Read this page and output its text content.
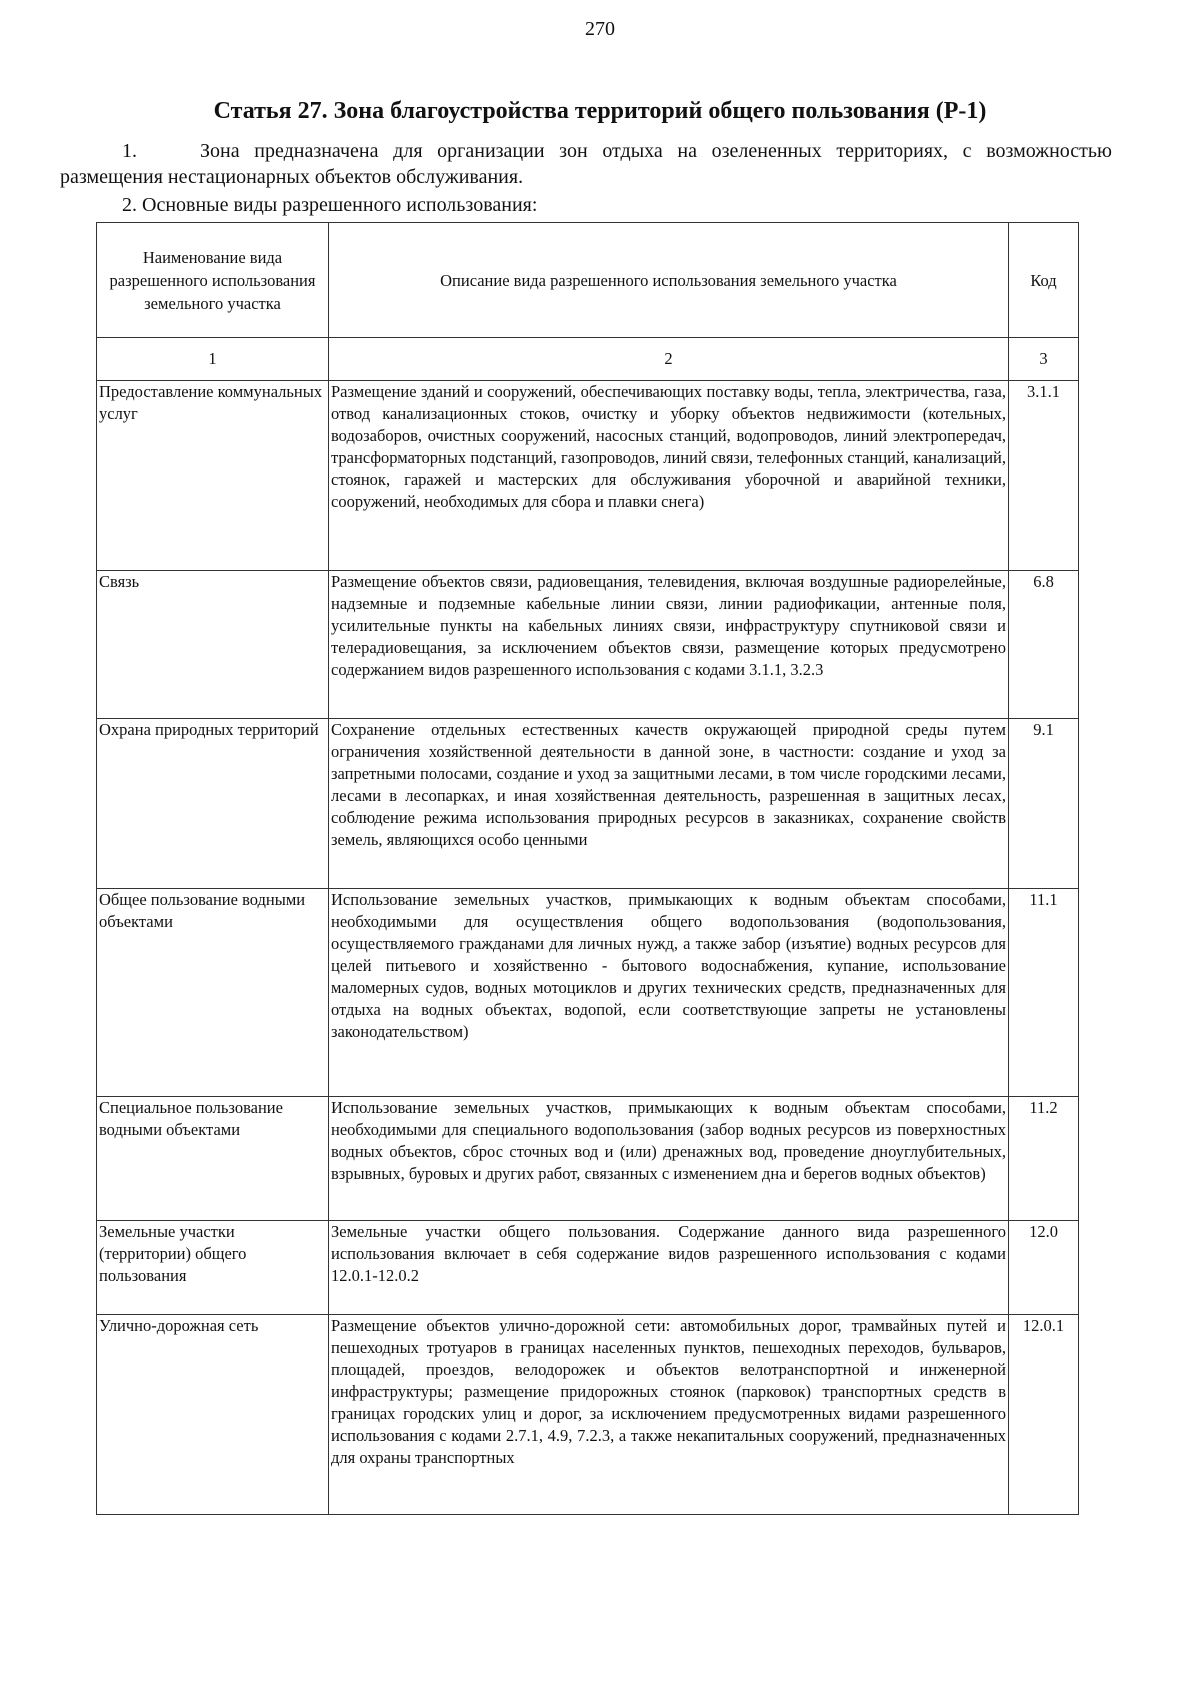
270
Статья 27. Зона благоустройства территорий общего пользования (Р-1)
1.	Зона предназначена для организации зон отдыха на озелененных территориях, с возможностью размещения нестационарных объектов обслуживания.
2. Основные виды разрешенного использования:
Наименование вида разрешенного использования земельного участка	Описание вида разрешенного использования земельного участка	Код
1	2	3
Предоставление коммунальных услуг	Размещение зданий и сооружений, обеспечивающих поставку воды, тепла, электричества, газа, отвод канализационных стоков, очистку и уборку объектов недвижимости (котельных, водозаборов, очистных сооружений, насосных станций, водопроводов, линий электропередач, трансформаторных подстанций, газопроводов, линий связи, телефонных станций, канализаций, стоянок, гаражей и мастерских для обслуживания уборочной и аварийной техники, сооружений, необходимых для сбора и плавки снега)	3.1.1
Связь	Размещение объектов связи, радиовещания, телевидения, включая воздушные радиорелейные, надземные и подземные кабельные линии связи, линии радиофикации, антенные поля, усилительные пункты на кабельных линиях связи, инфраструктуру спутниковой связи и телерадиовещания, за исключением объектов связи, размещение которых предусмотрено содержанием видов разрешенного использования с кодами 3.1.1, 3.2.3	6.8
Охрана природных территорий	Сохранение отдельных естественных качеств окружающей природной среды путем ограничения хозяйственной деятельности в данной зоне, в частности: создание и уход за запретными полосами, создание и уход за защитными лесами, в том числе городскими лесами, лесами в лесопарках, и иная хозяйственная деятельность, разрешенная в защитных лесах, соблюдение режима использования природных ресурсов в заказниках, сохранение свойств земель, являющихся особо ценными	9.1
Общее пользование водными объектами	Использование земельных участков, примыкающих к водным объектам способами, необходимыми для осуществления общего водопользования (водопользования, осуществляемого гражданами для личных нужд, а также забор (изъятие) водных ресурсов для целей питьевого и хозяйственно - бытового водоснабжения, купание, использование маломерных судов, водных мотоциклов и других технических средств, предназначенных для отдыха на водных объектах, водопой, если соответствующие запреты не установлены законодательством)	11.1
Специальное пользование водными объектами	Использование земельных участков, примыкающих к водным объектам способами, необходимыми для специального водопользования (забор водных ресурсов из поверхностных водных объектов, сброс сточных вод и (или) дренажных вод, проведение дноуглубительных, взрывных, буровых и других работ, связанных с изменением дна и берегов водных объектов)	11.2
Земельные участки (территории) общего пользования	Земельные участки общего пользования. Содержание данного вида разрешенного использования включает в себя содержание видов разрешенного использования с кодами 12.0.1-12.0.2	12.0
Улично-дорожная сеть	Размещение объектов улично-дорожной сети: автомобильных дорог, трамвайных путей и пешеходных тротуаров в границах населенных пунктов, пешеходных переходов, бульваров, площадей, проездов, велодорожек и объектов велотранспортной и инженерной инфраструктуры; размещение придорожных стоянок (парковок) транспортных средств в границах городских улиц и дорог, за исключением предусмотренных видами разрешенного использования с кодами 2.7.1, 4.9, 7.2.3, а также некапитальных сооружений, предназначенных для охраны транспортных	12.0.1
